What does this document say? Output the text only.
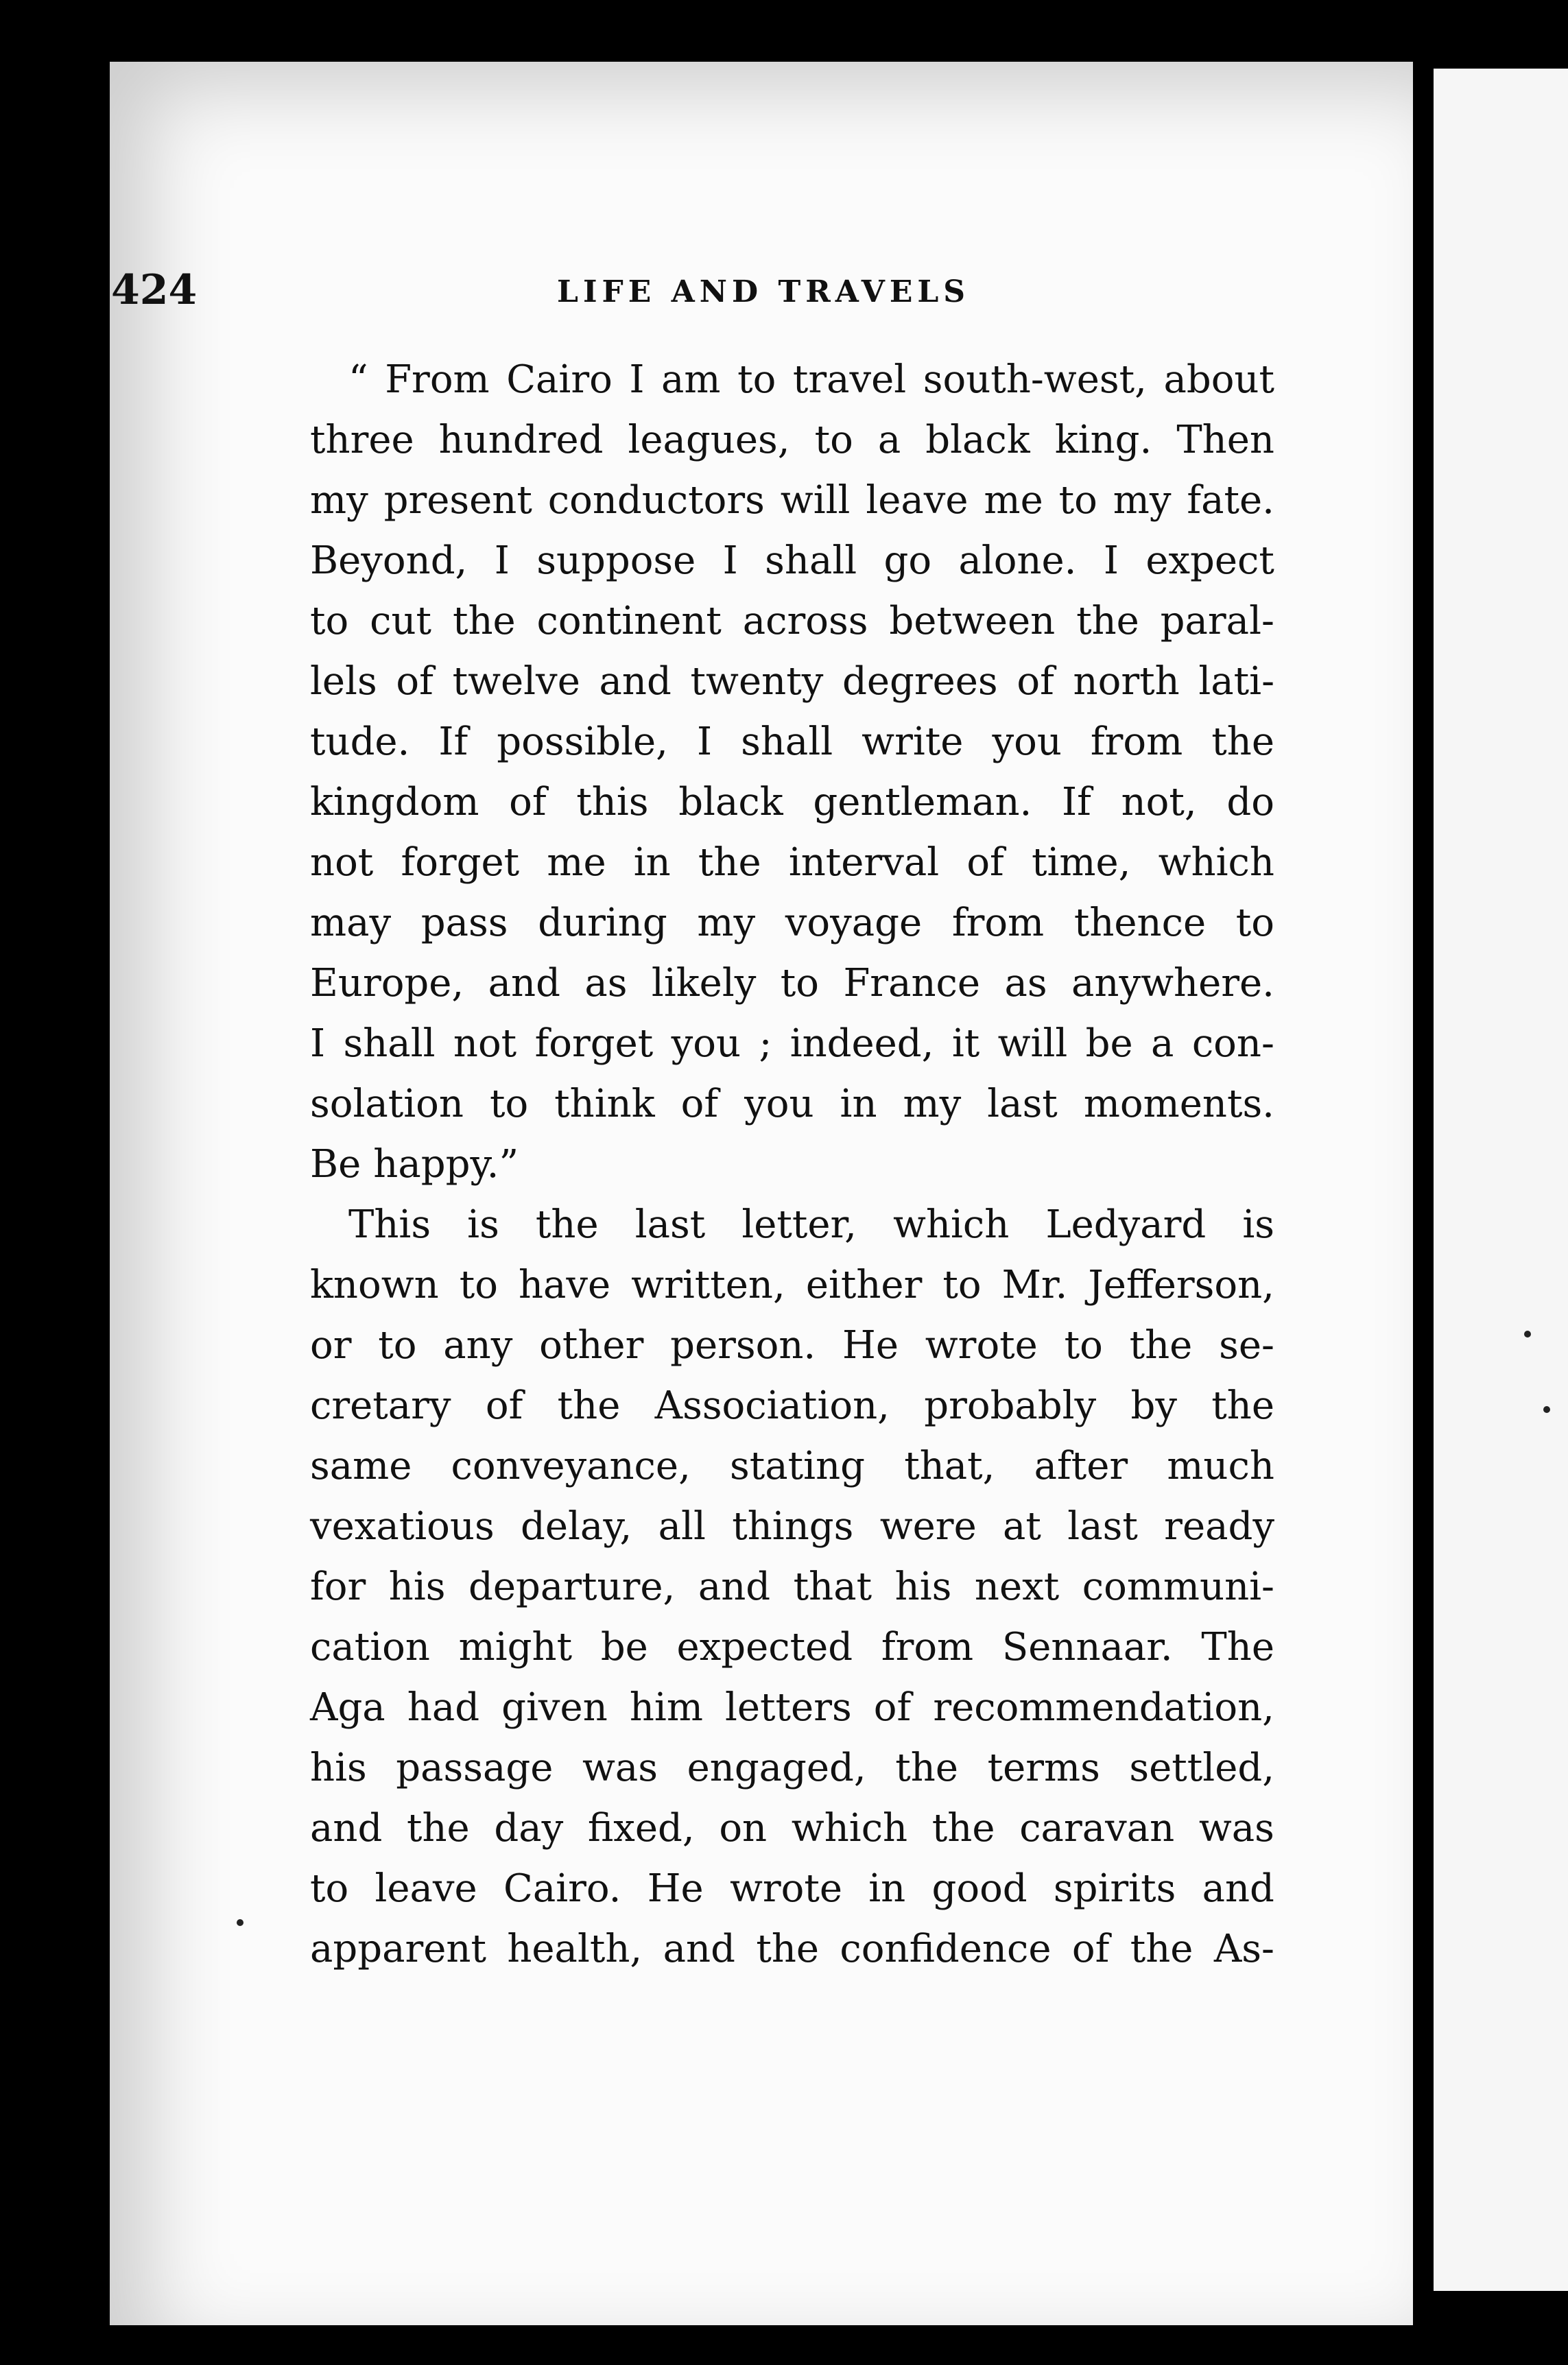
424	LIFE AND TRAVELS
“ From Cairo I am to travel south-west, about
three hundred leagues, to a black king. Then
my present conductors will leave me to my fate.
Beyond, I suppose I shall go alone. I expect
to cut the continent across between the paral-
lels of twelve and twenty degrees of north lati-
tude. If possible, I shall write you from the
kingdom of this black gentleman. If not, do
not forget me in the interval of time, which
may pass during my voyage from thence to
Europe, and as likely to France as anywhere.
I shall not forget you ; indeed, it will be a con-
solation to think of you in my last moments.
Be happy.”
This is the last letter, which Ledyard is
known to have written, either to Mr. Jefferson,
or to any other person. He wrote to the se-
cretary of the Association, probably by the
same conveyance, stating that, after much
vexatious delay, all things were at last ready
for his departure, and that his next communi-
cation might be expected from Sennaar. The
Aga had given him letters of recommendation,
his passage was engaged, the terms settled,
and the day fixed, on which the caravan was
to leave Cairo. He wrote in good spirits and
apparent health, and the confidence of the As-
